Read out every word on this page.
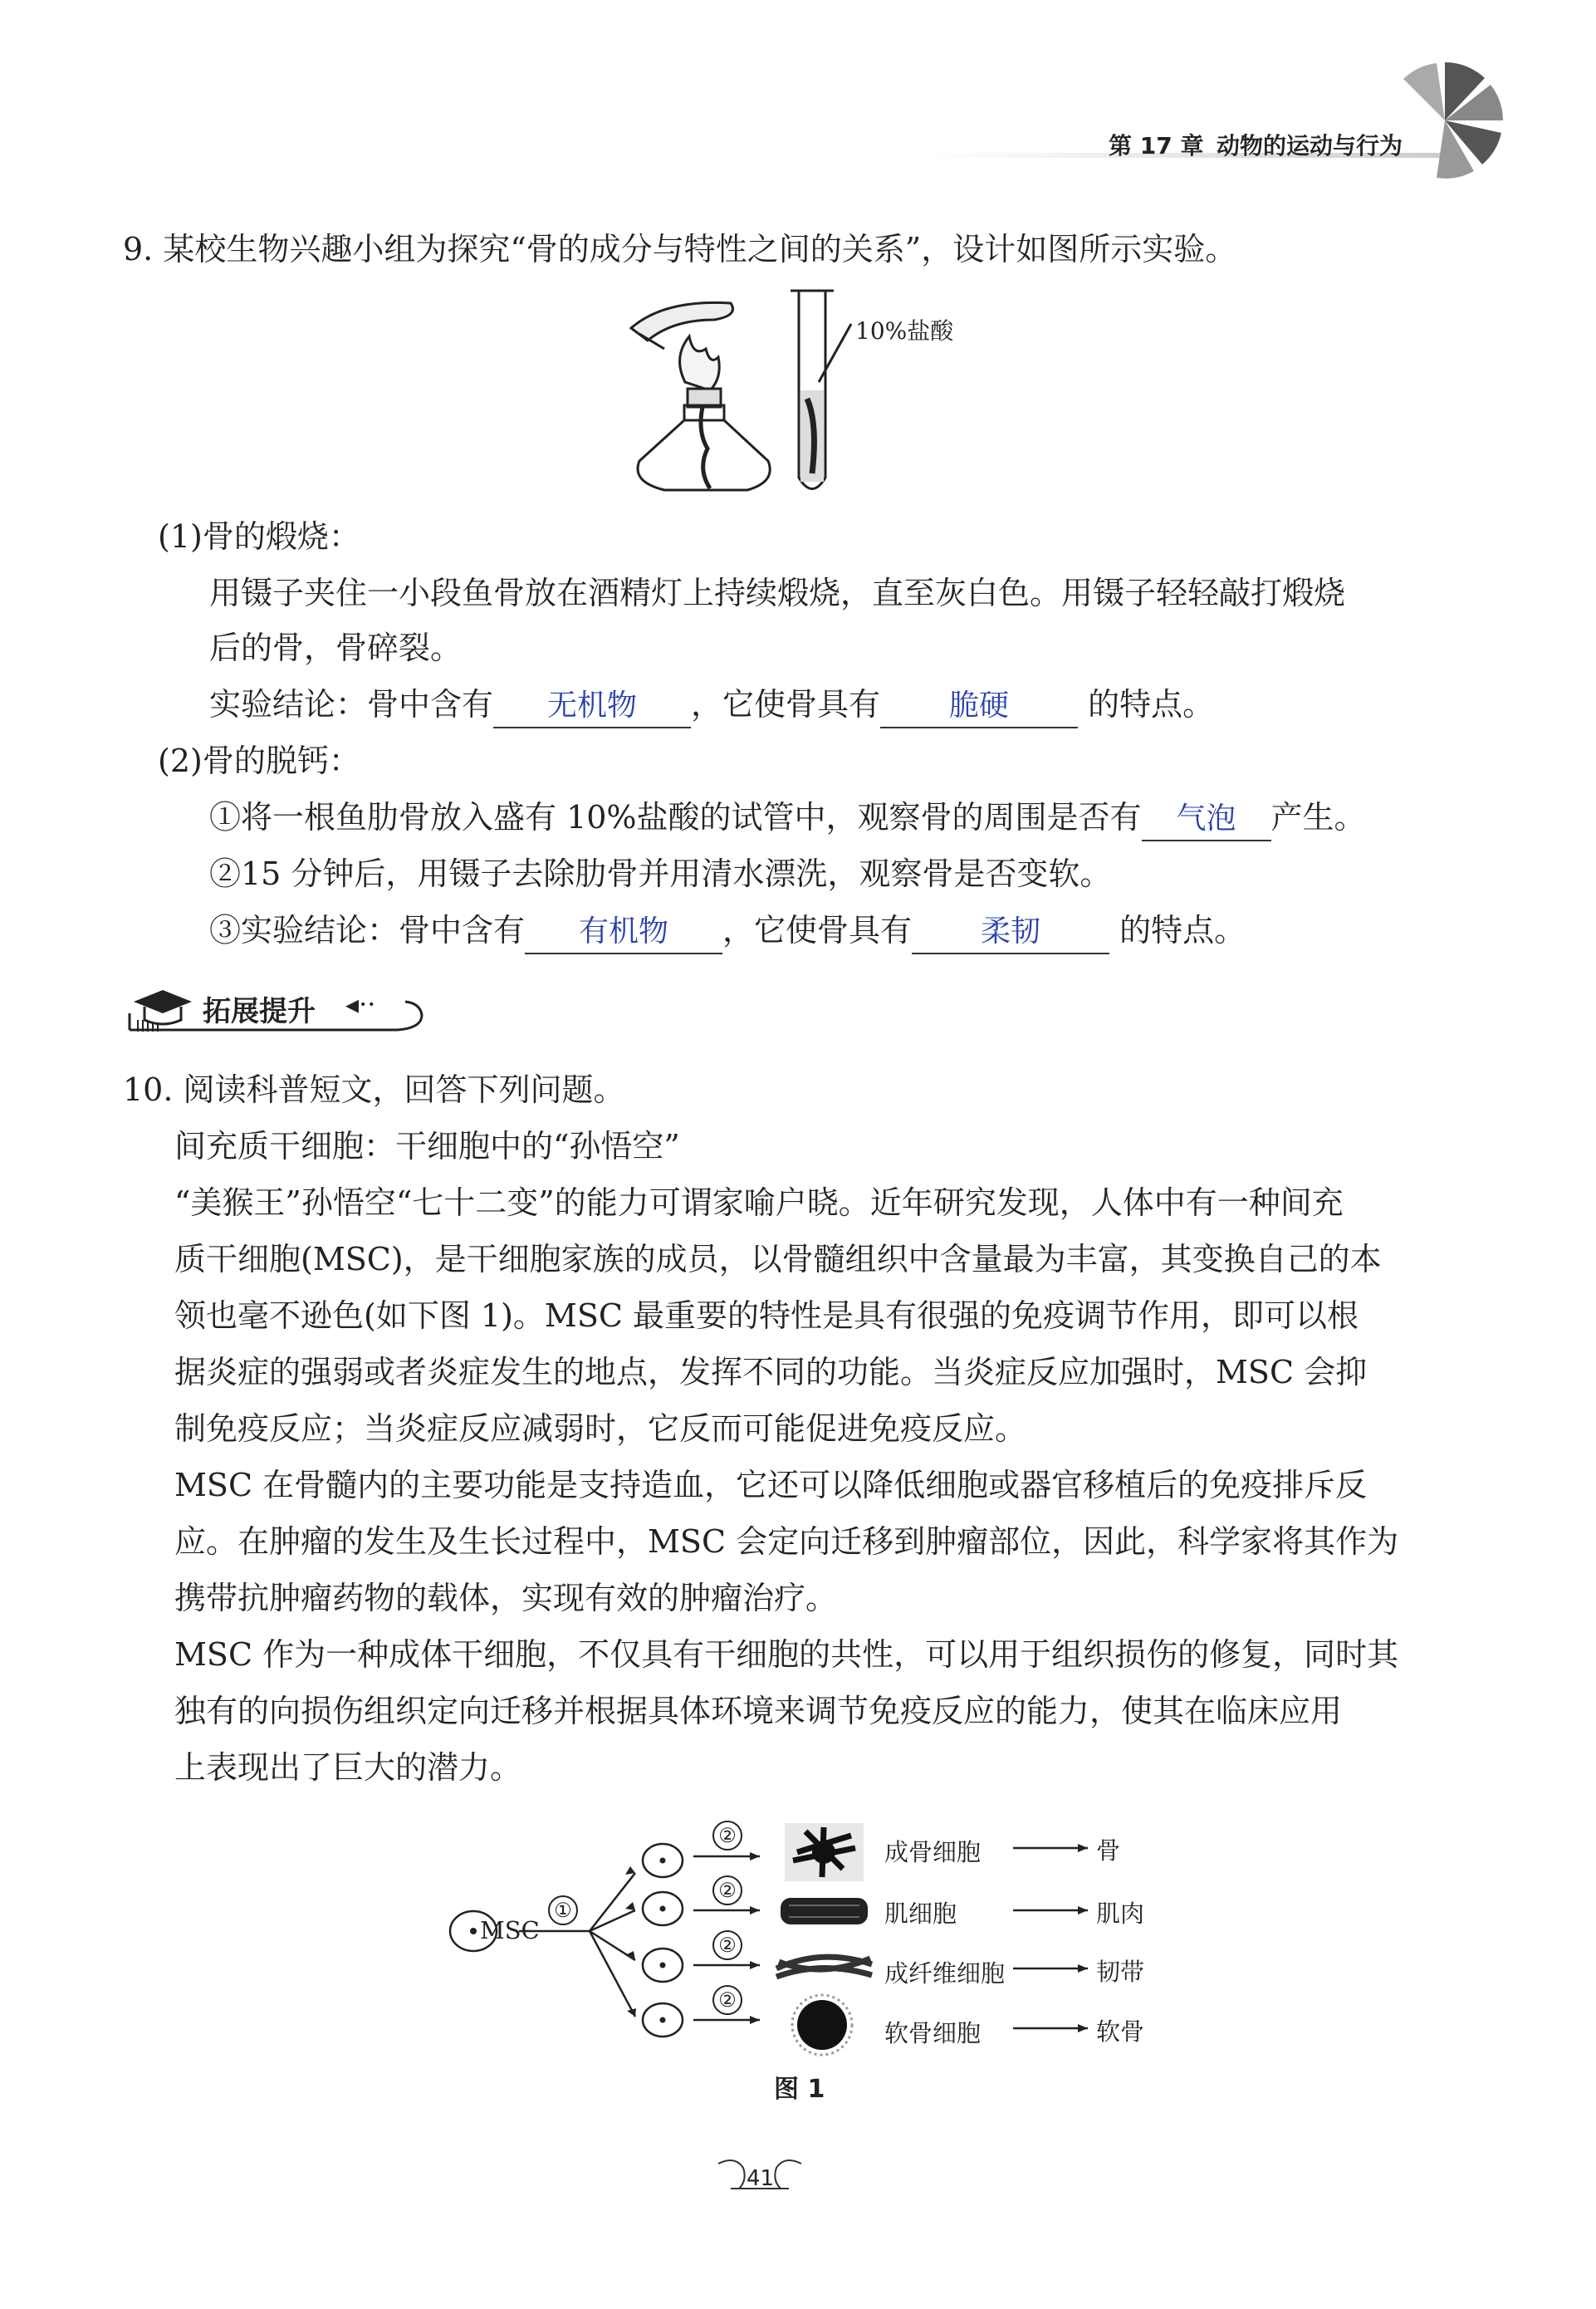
第 17 章 动物的运动与行为
9. 某校生物兴趣小组为探究“骨的成分与特性之间的关系”，设计如图所示实验。
10%盐酸
(1)骨的煅烧：
用镊子夹住一小段鱼骨放在酒精灯上持续煅烧，直至灰白色。用镊子轻轻敲打煅烧
后的骨，骨碎裂。
实验结论：骨中含有 无机物 ，它使骨具有 脆硬	的特点。
(2)骨的脱钙：
①将一根鱼肋骨放入盛有 10%盐酸的试管中，观察骨的周围是否有 气泡 产生。
②15 分钟后，用镊子去除肋骨并用清水漂洗，观察骨是否变软。
③实验结论：骨中含有 有机物 ，它使骨具有 柔韧	的特点。
拓展提升 ◂··
10. 阅读科普短文，回答下列问题。
间充质干细胞：干细胞中的“孙悟空”
“美猴王”孙悟空“七十二变”的能力可谓家喻户晓。近年研究发现，人体中有一种间充
质干细胞(MSC)，是干细胞家族的成员，以骨髓组织中含量最为丰富，其变换自己的本
领也毫不逊色(如下图 1)。MSC 最重要的特性是具有很强的免疫调节作用，即可以根
据炎症的强弱或者炎症发生的地点，发挥不同的功能。当炎症反应加强时，MSC 会抑
制免疫反应；当炎症反应减弱时，它反而可能促进免疫反应。
MSC 在骨髓内的主要功能是支持造血，它还可以降低细胞或器官移植后的免疫排斥反
应。在肿瘤的发生及生长过程中，MSC 会定向迁移到肿瘤部位，因此，科学家将其作为
携带抗肿瘤药物的载体，实现有效的肿瘤治疗。
MSC 作为一种成体干细胞，不仅具有干细胞的共性，可以用于组织损伤的修复，同时其
独有的向损伤组织定向迁移并根据具体环境来调节免疫反应的能力，使其在临床应用
上表现出了巨大的潜力。
MSC
①
②
②
②
②
成骨细胞	骨
肌细胞	肌肉
成纤维细胞	韧带
软骨细胞	软骨
图 1
41
